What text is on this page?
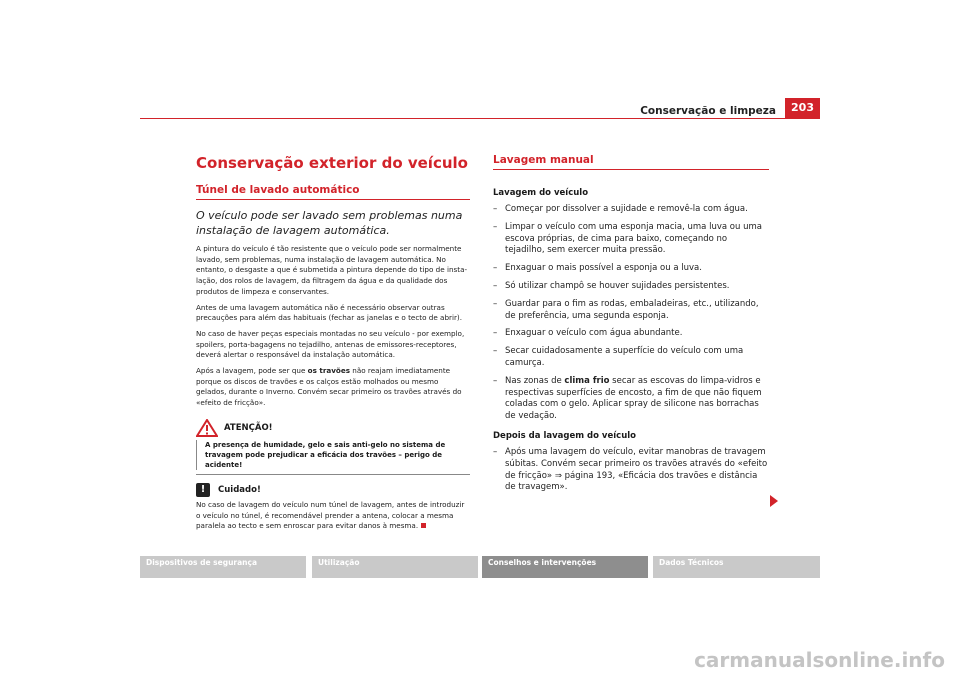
Conservação e limpeza	203
Conservação exterior do veículo
Túnel de lavado automático

O veículo pode ser lavado sem problemas numa instalação de lavagem automática.

A pintura do veículo é tão resistente que o veículo pode ser normalmente lavado, sem problemas, numa instalação de lavagem automática. No entanto, o desgaste a que é submetida a pintura depende do tipo de instalação, dos rolos de lavagem, da filtragem da água e da qualidade dos produtos de limpeza e conservantes.

Antes de uma lavagem automática não é necessário observar outras precauções para além das habituais (fechar as janelas e o tecto de abrir).

No caso de haver peças especiais montadas no seu veículo - por exemplo, spoilers, porta-bagagens no tejadilho, antenas de emissores-receptores, deverá alertar o responsável da instalação automática.

Após a lavagem, pode ser que os travões não reajam imediatamente porque os discos de travões e os calços estão molhados ou mesmo gelados, durante o Inverno. Convém secar primeiro os travões através do «efeito de fricção».

ATENÇÃO!

A presença de humidade, gelo e sais anti-gelo no sistema de travagem pode prejudicar a eficácia dos travões – perigo de acidente!

!	Cuidado!

No caso de lavagem do veículo num túnel de lavagem, antes de introduzir o veículo no túnel, é recomendável prender a antena, colocar a mesma paralela ao tecto e sem enroscar para evitar danos à mesma.

Lavagem manual
Lavagem do veículo
– Começar por dissolver a sujidade e removê-la com água.
– Limpar o veículo com uma esponja macia, uma luva ou uma escova próprias, de cima para baixo, começando no tejadilho, sem exercer muita pressão.
– Enxaguar o mais possível a esponja ou a luva.
– Só utilizar champô se houver sujidades persistentes.
– Guardar para o fim as rodas, embaladeiras, etc., utilizando, de preferência, uma segunda esponja.
– Enxaguar o veículo com água abundante.
– Secar cuidadosamente a superfície do veículo com uma camurça.
– Nas zonas de clima frio secar as escovas do limpa-vidros e respectivas superfícies de encosto, a fim de que não fiquem coladas com o gelo. Aplicar spray de silicone nas borrachas de vedação.
Depois da lavagem do veículo
– Após uma lavagem do veículo, evitar manobras de travagem súbitas. Convém secar primeiro os travões através do «efeito de fricção» ⇒ página 193, «Eficácia dos travões e distância de travagem».
Dispositivos de segurança	Utilização	Conselhos e intervenções	Dados Técnicos
carmanualsonline.info
